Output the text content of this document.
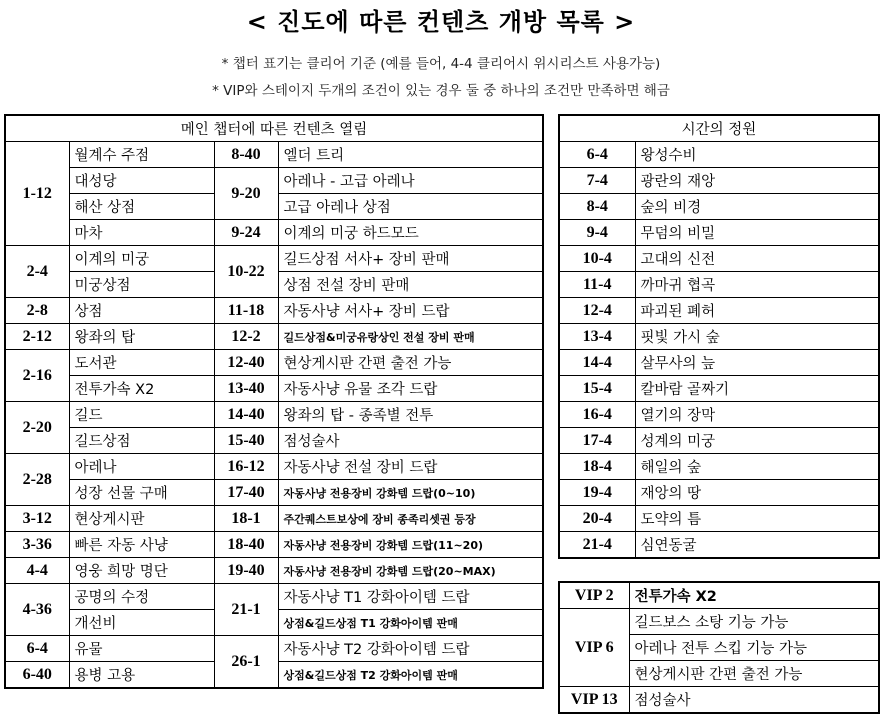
< 진도에 따른 컨텐츠 개방 목록 >
* 챕터 표기는 클리어 기준 (예를 들어, 4-4 클리어시 위시리스트 사용가능)
* VIP와 스테이지 두개의 조건이 있는 경우 둘 중 하나의 조건만 만족하면 해금
메인 챕터에 따른 컨텐츠 열림			
1-12	월계수 주점	8-40	엘더 트리
	대성당	9-20	아레나 - 고급 아레나
	해산 상점		고급 아레나 상점
	마차	9-24	이계의 미궁 하드모드
2-4	이계의 미궁	10-22	길드상점 서사+ 장비 판매
	미궁상점		상점 전설 장비 판매
2-8	상점	11-18	자동사냥 서사+ 장비 드랍
2-12	왕좌의 탑	12-2	길드상점&미궁유랑상인 전설 장비 판매
2-16	도서관	12-40	현상게시판 간편 출전 가능
	전투가속 X2	13-40	자동사냥 유물 조각 드랍
2-20	길드	14-40	왕좌의 탑 - 종족별 전투
	길드상점	15-40	점성술사
2-28	아레나	16-12	자동사냥 전설 장비 드랍
	성장 선물 구매	17-40	자동사냥 전용장비 강화템 드랍(0~10)
3-12	현상게시판	18-1	주간퀘스트보상에 장비 종족리셋권 등장
3-36	빠른 자동 사냥	18-40	자동사냥 전용장비 강화템 드랍(11~20)
4-4	영웅 희망 명단	19-40	자동사냥 전용장비 강화템 드랍(20~MAX)
4-36	공명의 수정	21-1	자동사냥 T1 강화아이템 드랍
	개선비		상점&길드상점 T1 강화아이템 판매
6-4	유물	26-1	자동사냥 T2 강화아이템 드랍
6-40	용병 고용		상점&길드상점 T2 강화아이템 판매
시간의 정원	
6-4	왕성수비
7-4	광란의 재앙
8-4	숲의 비경
9-4	무덤의 비밀
10-4	고대의 신전
11-4	까마귀 협곡
12-4	파괴된 폐허
13-4	핏빛 가시 숲
14-4	살무사의 늪
15-4	칼바람 골짜기
16-4	열기의 장막
17-4	성계의 미궁
18-4	해일의 숲
19-4	재앙의 땅
20-4	도약의 틈
21-4	심연동굴
VIP 2	전투가속 X2
VIP 6	길드보스 소탕 기능 가능
	아레나 전투 스킵 기능 가능
	현상게시판 간편 출전 가능
VIP 13	점성술사
